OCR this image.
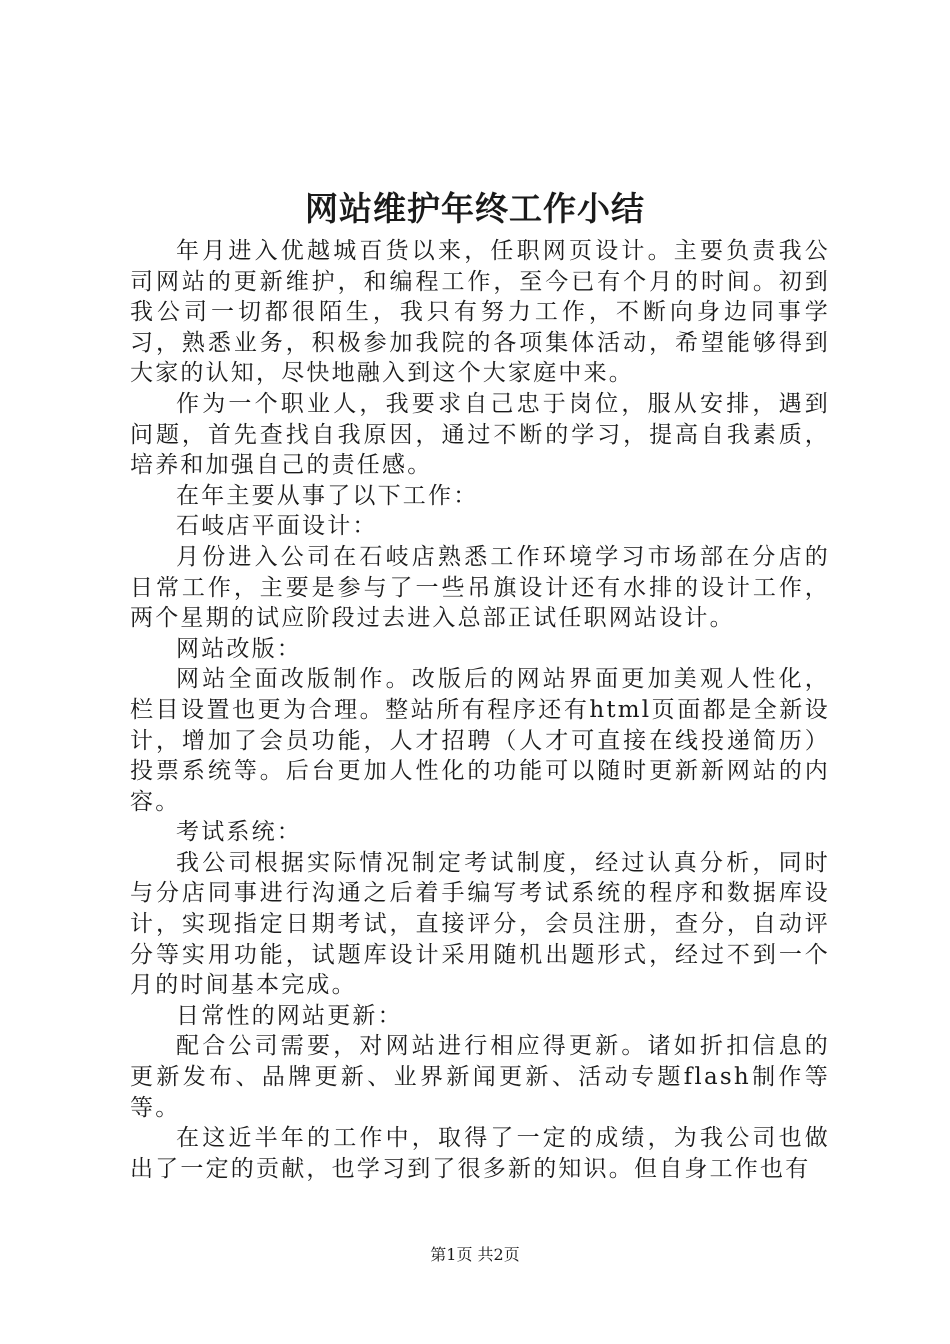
网站维护年终工作小结

年月进入优越城百货以来，任职网页设计。主要负责我公司网站的更新维护，和编程工作，至今已有个月的时间。初到我公司一切都很陌生，我只有努力工作，不断向身边同事学习，熟悉业务，积极参加我院的各项集体活动，希望能够得到大家的认知，尽快地融入到这个大家庭中来。

作为一个职业人，我要求自己忠于岗位，服从安排，遇到问题，首先查找自我原因，通过不断的学习，提高自我素质，培养和加强自己的责任感。

在年主要从事了以下工作：

石岐店平面设计：

月份进入公司在石岐店熟悉工作环境学习市场部在分店的日常工作，主要是参与了一些吊旗设计还有水排的设计工作，两个星期的试应阶段过去进入总部正试任职网站设计。

网站改版：

网站全面改版制作。改版后的网站界面更加美观人性化，栏目设置也更为合理。整站所有程序还有html页面都是全新设计，增加了会员功能，人才招聘（人才可直接在线投递简历）投票系统等。后台更加人性化的功能可以随时更新新网站的内容。

考试系统：

我公司根据实际情况制定考试制度，经过认真分析，同时与分店同事进行沟通之后着手编写考试系统的程序和数据库设计，实现指定日期考试，直接评分，会员注册，查分，自动评分等实用功能，试题库设计采用随机出题形式，经过不到一个月的时间基本完成。

日常性的网站更新：

配合公司需要，对网站进行相应得更新。诸如折扣信息的更新发布、品牌更新、业界新闻更新、活动专题flash制作等等。

在这近半年的工作中，取得了一定的成绩，为我公司也做出了一定的贡献，也学习到了很多新的知识。但自身工作也有

第1页 共2页
